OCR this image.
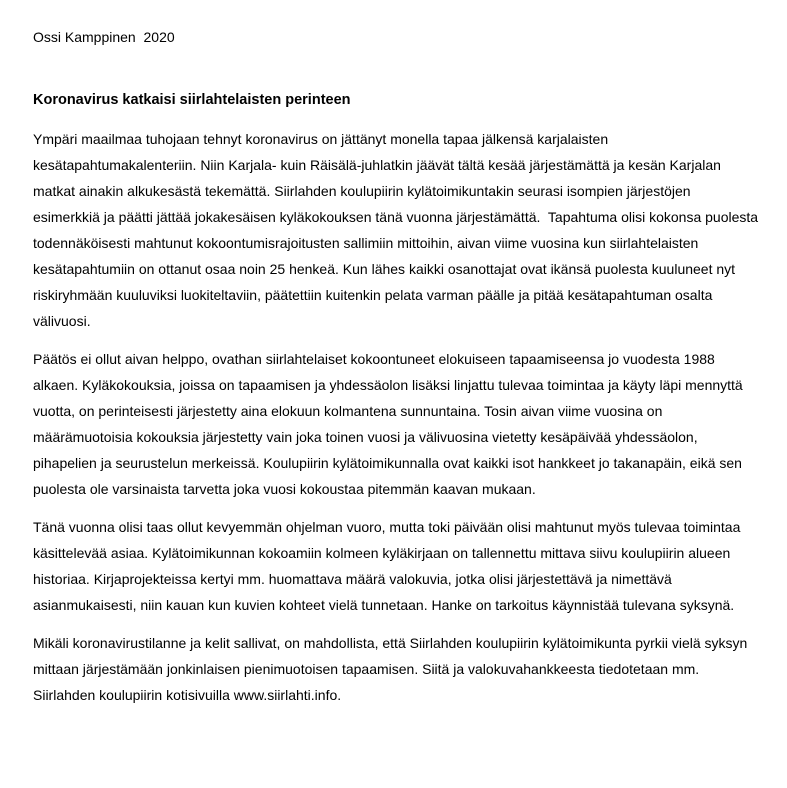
Ossi Kamppinen  2020
Koronavirus katkaisi siirlahtelaisten perinteen

Ympäri maailmaa tuhojaan tehnyt koronavirus on jättänyt monella tapaa jälkensä karjalaisten kesätapahtumakalenteriin. Niin Karjala- kuin Räisälä-juhlatkin jäävät tältä kesää järjestämättä ja kesän Karjalan matkat ainakin alkukesästä tekemättä. Siirlahden koulupiirin kylätoimikuntakin seurasi isompien järjestöjen esimerkkiä ja päätti jättää jokakesäisen kyläkokouksen tänä vuonna järjestämättä.  Tapahtuma olisi kokonsa puolesta todennäköisesti mahtunut kokoontumisrajoitusten sallimiin mittoihin, aivan viime vuosina kun siirlahtelaisten kesätapahtumiin on ottanut osaa noin 25 henkeä. Kun lähes kaikki osanottajat ovat ikänsä puolesta kuuluneet nyt riskiryhmään kuuluviksi luokiteltaviin, päätettiin kuitenkin pelata varman päälle ja pitää kesätapahtuman osalta välivuosi.

Päätös ei ollut aivan helppo, ovathan siirlahtelaiset kokoontuneet elokuiseen tapaamiseensa jo vuodesta 1988 alkaen. Kyläkokouksia, joissa on tapaamisen ja yhdessäolon lisäksi linjattu tulevaa toimintaa ja käyty läpi mennyttä vuotta, on perinteisesti järjestetty aina elokuun kolmantena sunnuntaina. Tosin aivan viime vuosina on määrämuotoisia kokouksia järjestetty vain joka toinen vuosi ja välivuosina vietetty kesäpäivää yhdessäolon, pihapelien ja seurustelun merkeissä. Koulupiirin kylätoimikunnalla ovat kaikki isot hankkeet jo takanapäin, eikä sen puolesta ole varsinaista tarvetta joka vuosi kokoustaa pitemmän kaavan mukaan.

Tänä vuonna olisi taas ollut kevyemmän ohjelman vuoro, mutta toki päivään olisi mahtunut myös tulevaa toimintaa käsittelevää asiaa. Kylätoimikunnan kokoamiin kolmeen kyläkirjaan on tallennettu mittava siivu koulupiirin alueen historiaa. Kirjaprojekteissa kertyi mm. huomattava määrä valokuvia, jotka olisi järjestettävä ja nimettävä asianmukaisesti, niin kauan kun kuvien kohteet vielä tunnetaan. Hanke on tarkoitus käynnistää tulevana syksynä.

Mikäli koronavirustilanne ja kelit sallivat, on mahdollista, että Siirlahden koulupiirin kylätoimikunta pyrkii vielä syksyn mittaan järjestämään jonkinlaisen pienimuotoisen tapaamisen. Siitä ja valokuvahankkeesta tiedotetaan mm. Siirlahden koulupiirin kotisivuilla www.siirlahti.info.
